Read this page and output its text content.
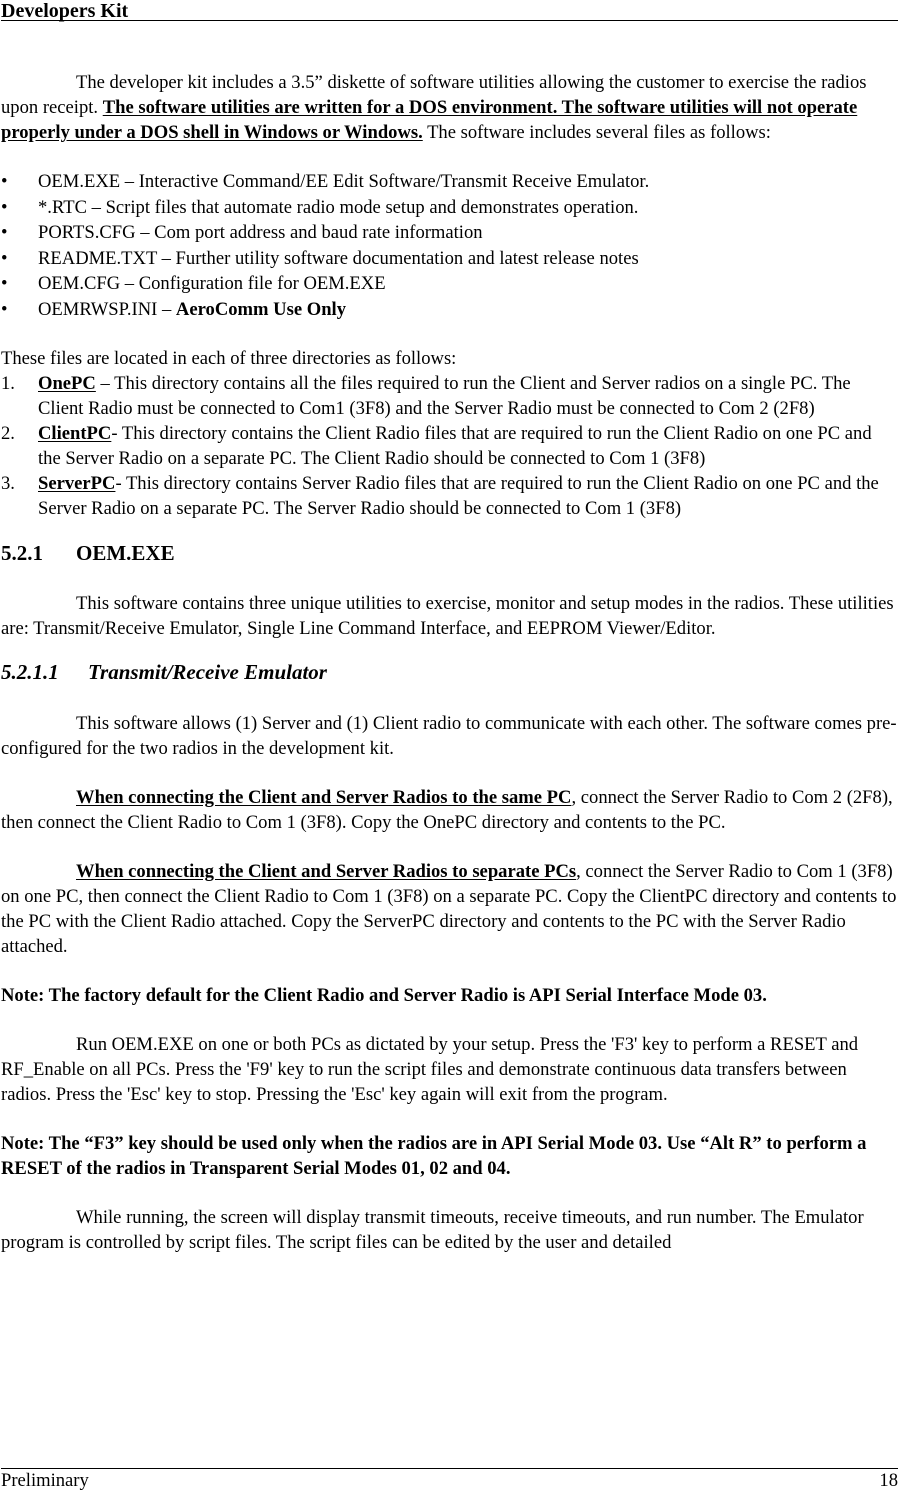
Developers Kit

The developer kit includes a 3.5” diskette of software utilities allowing the customer to exercise the radios upon receipt. The software utilities are written for a DOS environment. The software utilities will not operate properly under a DOS shell in Windows or Windows. The software includes several files as follows:

• OEM.EXE – Interactive Command/EE Edit Software/Transmit Receive Emulator.
• *.RTC – Script files that automate radio mode setup and demonstrates operation.
• PORTS.CFG – Com port address and baud rate information
• README.TXT – Further utility software documentation and latest release notes
• OEM.CFG – Configuration file for OEM.EXE
• OEMRWSP.INI – AeroComm Use Only

These files are located in each of three directories as follows:

1. OnePC – This directory contains all the files required to run the Client and Server radios on a single PC. The Client Radio must be connected to Com1 (3F8) and the Server Radio must be connected to Com 2 (2F8)
2. ClientPC- This directory contains the Client Radio files that are required to run the Client Radio on one PC and the Server Radio on a separate PC. The Client Radio should be connected to Com 1 (3F8)
3. ServerPC- This directory contains Server Radio files that are required to run the Client Radio on one PC and the Server Radio on a separate PC. The Server Radio should be connected to Com 1 (3F8)
5.2.1 OEM.EXE

This software contains three unique utilities to exercise, monitor and setup modes in the radios. These utilities are: Transmit/Receive Emulator, Single Line Command Interface, and EEPROM Viewer/Editor.

5.2.1.1 Transmit/Receive Emulator

This software allows (1) Server and (1) Client radio to communicate with each other. The software comes pre-configured for the two radios in the development kit.

When connecting the Client and Server Radios to the same PC, connect the Server Radio to Com 2 (2F8), then connect the Client Radio to Com 1 (3F8). Copy the OnePC directory and contents to the PC.

When connecting the Client and Server Radios to separate PCs, connect the Server Radio to Com 1 (3F8) on one PC, then connect the Client Radio to Com 1 (3F8) on a separate PC. Copy the ClientPC directory and contents to the PC with the Client Radio attached. Copy the ServerPC directory and contents to the PC with the Server Radio attached.

Note: The factory default for the Client Radio and Server Radio is API Serial Interface Mode 03.

Run OEM.EXE on one or both PCs as dictated by your setup. Press the 'F3' key to perform a RESET and RF_Enable on all PCs. Press the 'F9' key to run the script files and demonstrate continuous data transfers between radios. Press the 'Esc' key to stop. Pressing the 'Esc' key again will exit from the program.

Note: The “F3” key should be used only when the radios are in API Serial Mode 03. Use “Alt R” to perform a RESET of the radios in Transparent Serial Modes 01, 02 and 04.

While running, the screen will display transmit timeouts, receive timeouts, and run number. The Emulator program is controlled by script files. The script files can be edited by the user and detailed

Preliminary	18
